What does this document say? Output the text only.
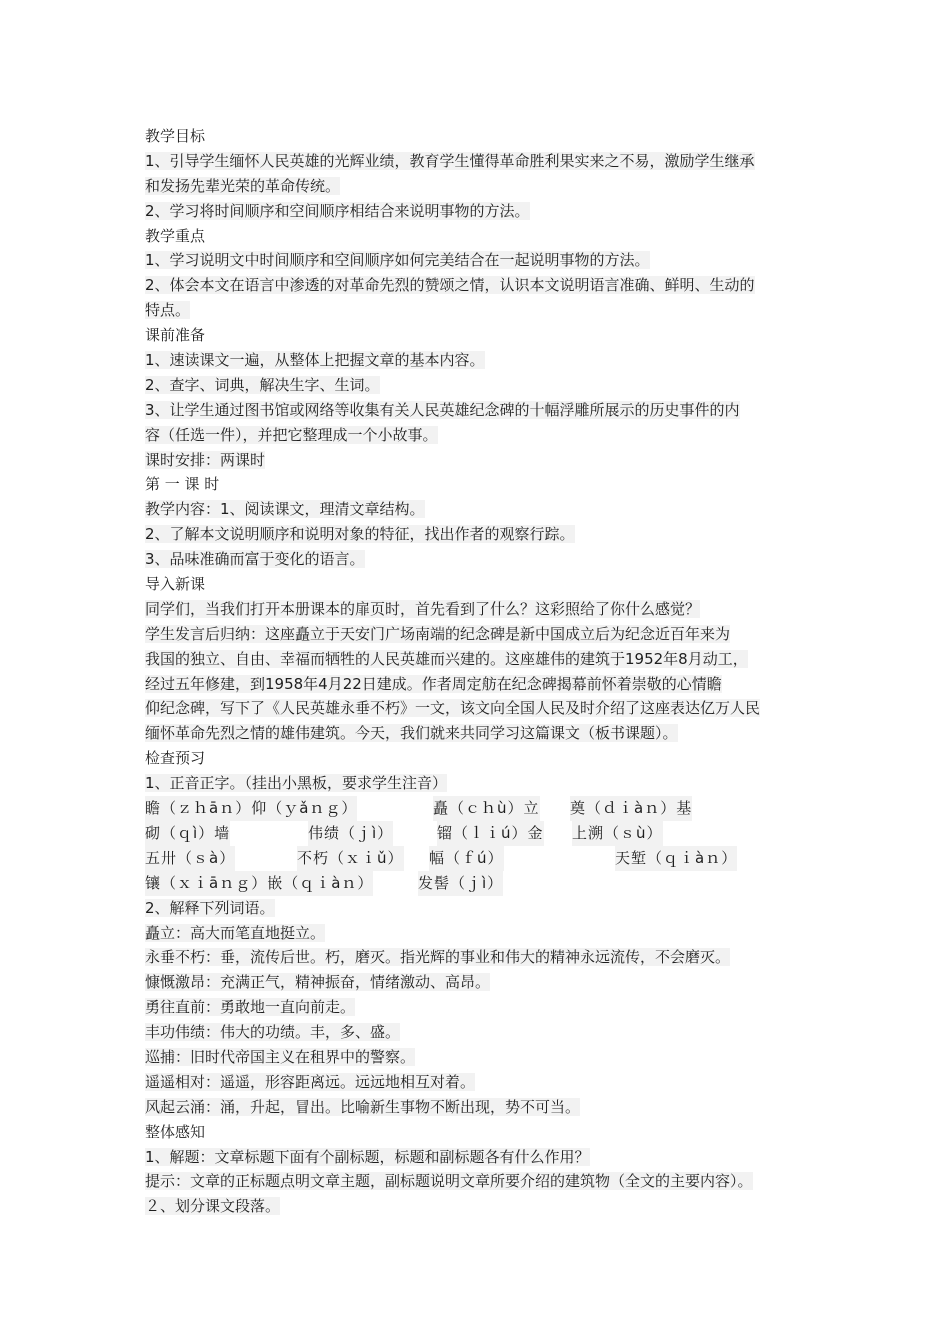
教学目标
1、引导学生缅怀人民英雄的光辉业绩，教育学生懂得革命胜利果实来之不易，激励学生继承
和发扬先辈光荣的革命传统。
2、学习将时间顺序和空间顺序相结合来说明事物的方法。
教学重点
1、学习说明文中时间顺序和空间顺序如何完美结合在一起说明事物的方法。
2、体会本文在语言中渗透的对革命先烈的赞颂之情，认识本文说明语言准确、鲜明、生动的
特点。
课前准备
1、速读课文一遍，从整体上把握文章的基本内容。
2、查字、词典，解决生字、生词。
3、让学生通过图书馆或网络等收集有关人民英雄纪念碑的十幅浮雕所展示的历史事件的内
容（任选一件），并把它整理成一个小故事。
课时安排：两课时
第 一 课 时
教学内容：1、阅读课文，理清文章结构。
2、了解本文说明顺序和说明对象的特征，找出作者的观察行踪。
3、品味准确而富于变化的语言。
导入新课
同学们，当我们打开本册课本的扉页时，首先看到了什么？这彩照给了你什么感觉？
学生发言后归纳：这座矗立于天安门广场南端的纪念碑是新中国成立后为纪念近百年来为
我国的独立、自由、幸福而牺牲的人民英雄而兴建的。这座雄伟的建筑于1952年8月动工，
经过五年修建，到1958年4月22日建成。作者周定舫在纪念碑揭幕前怀着崇敬的心情瞻
仰纪念碑，写下了《人民英雄永垂不朽》一文，该文向全国人民及时介绍了这座表达亿万人民
缅怀革命先烈之情的雄伟建筑。今天，我们就来共同学习这篇课文（板书课题）。
检查预习
1、正音正字。（挂出小黑板，要求学生注音）
瞻（ｚｈāｎ）仰（ｙǎｎｇ）	矗（ｃｈù）立 奠（ｄｉàｎ）基
砌（ｑì）墙	伟绩（ｊì）	镏（ｌｉú）金 上溯（ｓù）
五卅（ｓà）	不朽（ｘｉǔ） 幅（ｆú）	天堑（ｑｉàｎ）
镶（ｘｉāｎｇ）嵌（ｑｉàｎ）	发髻（ｊì）
2、解释下列词语。
矗立：高大而笔直地挺立。
永垂不朽：垂，流传后世。朽，磨灭。指光辉的事业和伟大的精神永远流传，不会磨灭。
慷慨激昂：充满正气，精神振奋，情绪激动、高昂。
勇往直前：勇敢地一直向前走。
丰功伟绩：伟大的功绩。丰，多、盛。
巡捕：旧时代帝国主义在租界中的警察。
遥遥相对：遥遥，形容距离远。远远地相互对着。
风起云涌：涌，升起，冒出。比喻新生事物不断出现，势不可当。
整体感知
1、解题：文章标题下面有个副标题，标题和副标题各有什么作用？
提示：文章的正标题点明文章主题，副标题说明文章所要介绍的建筑物（全文的主要内容）。
２、划分课文段落。
